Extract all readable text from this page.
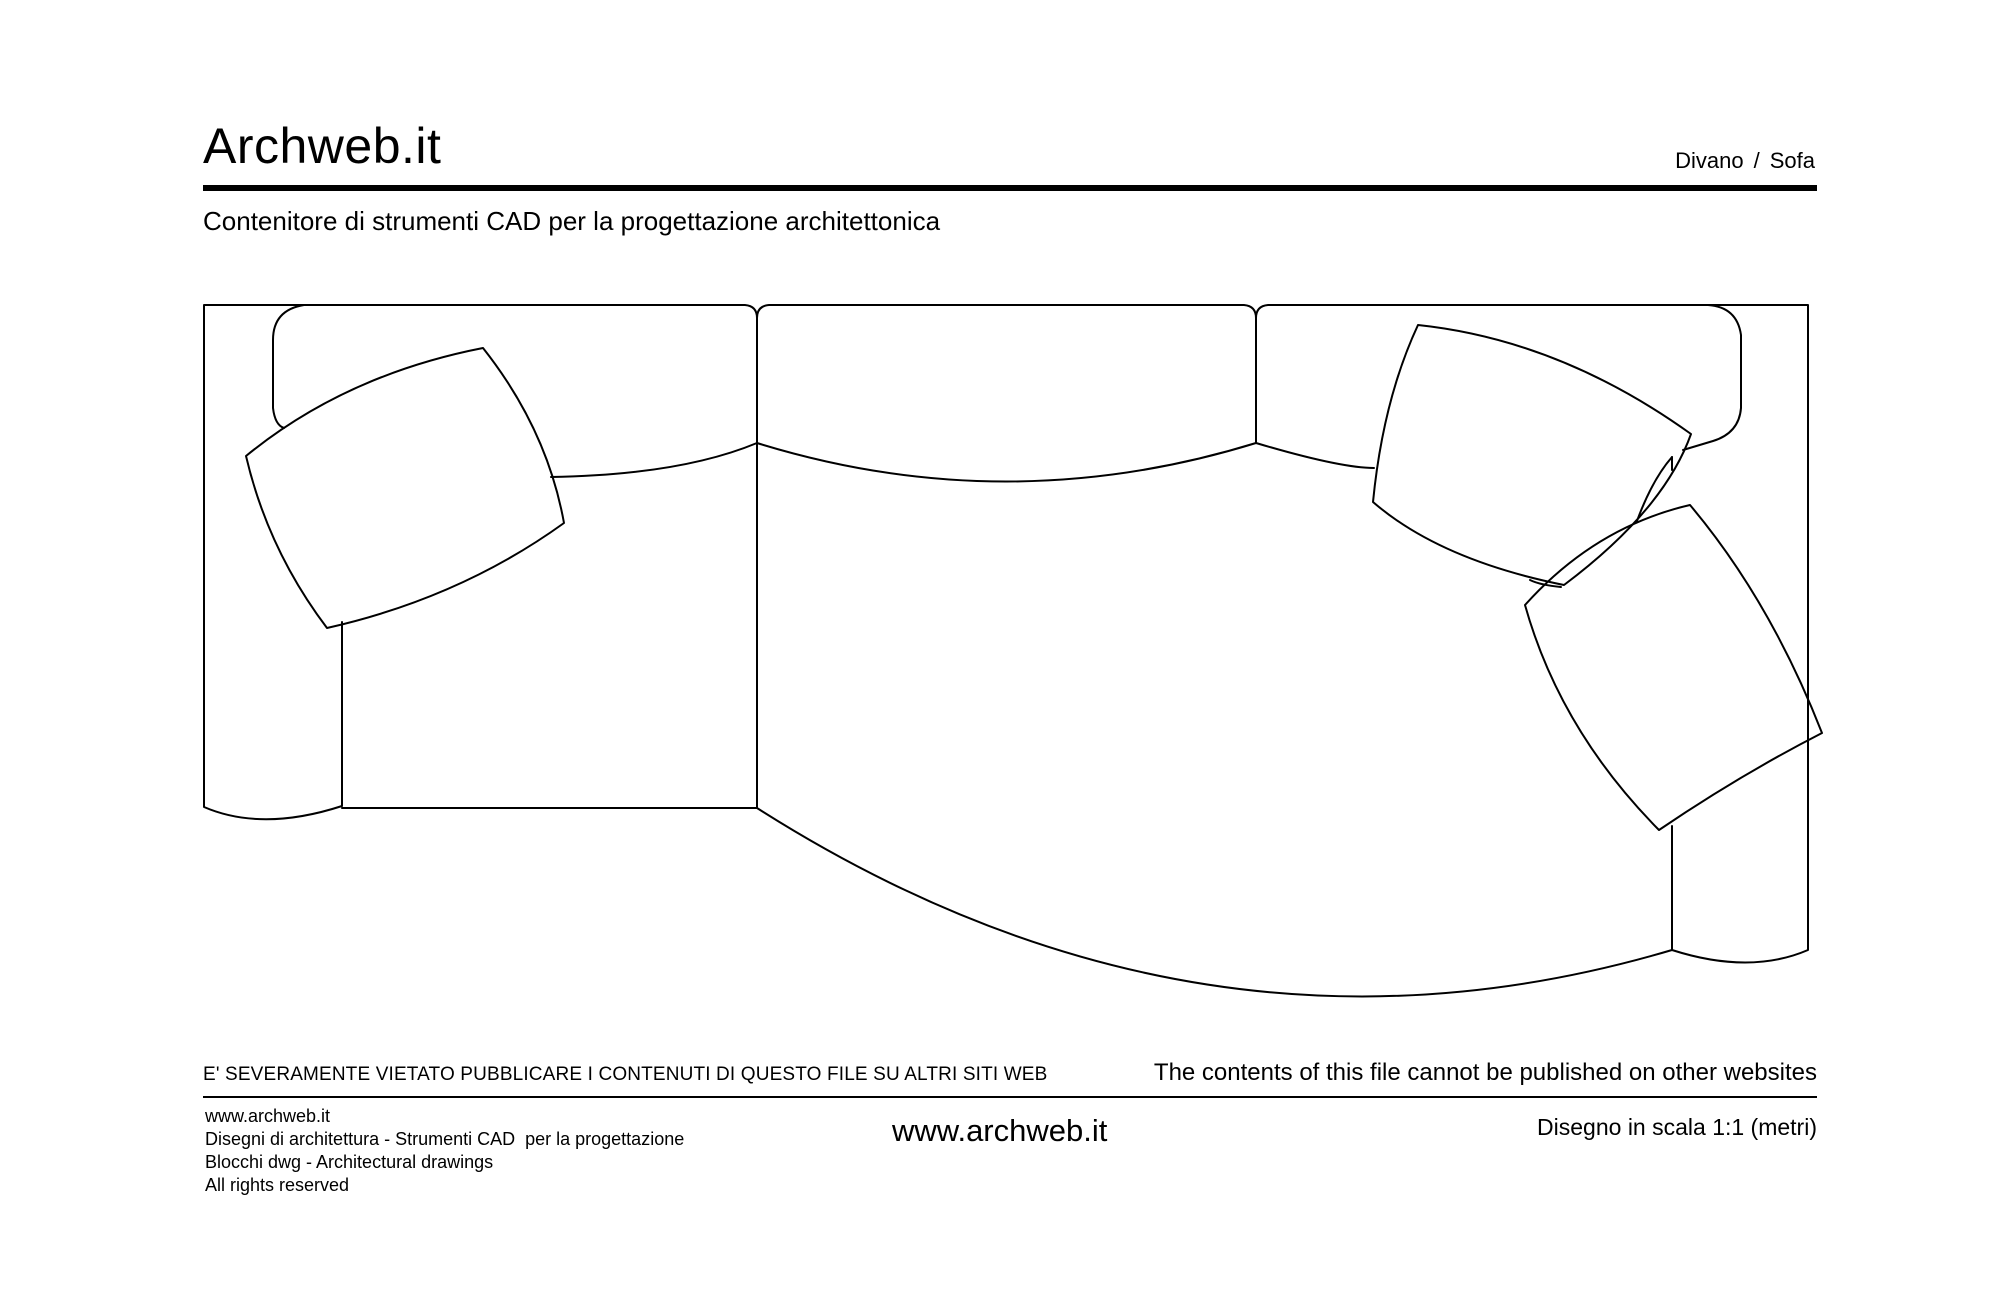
Archweb.it	Divano / Sofa
Contenitore di strumenti CAD per la progettazione architettonica
E' SEVERAMENTE VIETATO PUBBLICARE I CONTENUTI DI QUESTO FILE SU ALTRI SITI WEB	The contents of this file cannot be published on other websites
www.archweb.it
Disegni di architettura - Strumenti CAD  per la progettazione
Blocchi dwg - Architectural drawings
All rights reserved
www.archweb.it	Disegno in scala 1:1 (metri)
